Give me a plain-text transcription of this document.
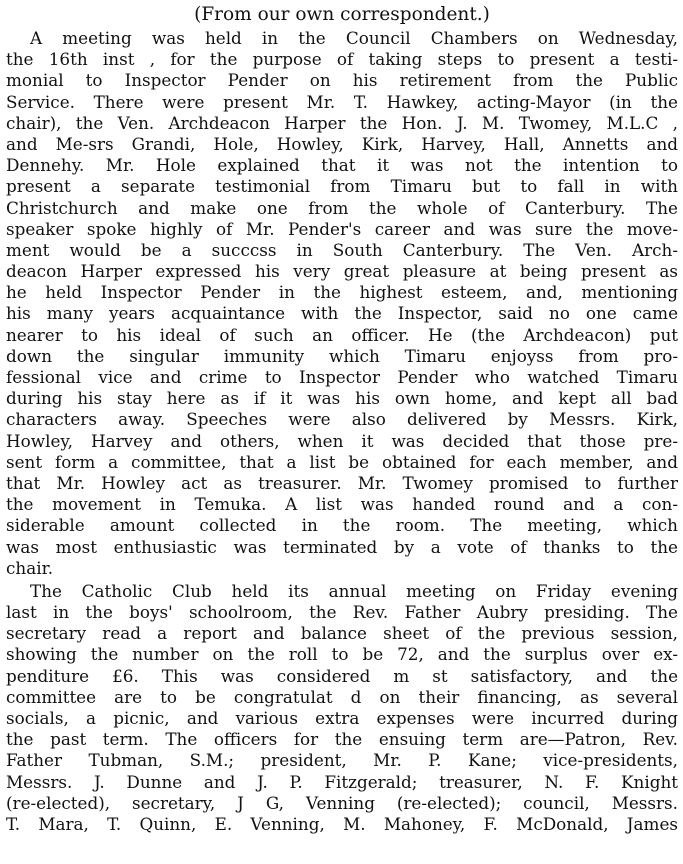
(From our own correspondent.)
A meeting was held in the Council Chambers on Wednesday,
the 16th inst , for the purpose of taking steps to present a testi-
monial to Inspector Pender on his retirement from the Public
Service. There were present Mr. T. Hawkey, acting-Mayor (in the
chair), the Ven. Archdeacon Harper the Hon. J. M. Twomey, M.L.C ,
and Me-srs Grandi, Hole, Howley, Kirk, Harvey, Hall, Annetts and
Dennehy. Mr. Hole explained that it was not the intention to
present a separate testimonial from Timaru but to fall in with
Christchurch and make one from the whole of Canterbury. The
speaker spoke highly of Mr. Pender's career and was sure the move-
ment would be a succcss in South Canterbury. The Ven. Arch-
deacon Harper expressed his very great pleasure at being present as
he held Inspector Pender in the highest esteem, and, mentioning
his many years acquaintance with the Inspector, said no one came
nearer to his ideal of such an officer. He (the Archdeacon) put
down the singular immunity which Timaru enjoyss from pro-
fessional vice and crime to Inspector Pender who watched Timaru
during his stay here as if it was his own home, and kept all bad
characters away. Speeches were also delivered by Messrs. Kirk,
Howley, Harvey and others, when it was decided that those pre-
sent form a committee, that a list be obtained for each member, and
that Mr. Howley act as treasurer. Mr. Twomey promised to further
the movement in Temuka. A list was handed round and a con-
siderable amount collected in the room. The meeting, which
was most enthusiastic was terminated by a vote of thanks to the
chair.
The Catholic Club held its annual meeting on Friday evening
last in the boys' schoolroom, the Rev. Father Aubry presiding. The
secretary read a report and balance sheet of the previous session,
showing the number on the roll to be 72, and the surplus over ex-
penditure £6. This was considered m st satisfactory, and the
committee are to be congratulat d on their financing, as several
socials, a picnic, and various extra expenses were incurred during
the past term. The officers for the ensuing term are—Patron, Rev.
Father Tubman, S.M.; president, Mr. P. Kane; vice-presidents,
Messrs. J. Dunne and J. P. Fitzgerald; treasurer, N. F. Knight
(re-elected), secretary, J G, Venning (re-elected); council, Messrs.
T. Mara, T. Quinn, E. Venning, M. Mahoney, F. McDonald, James
